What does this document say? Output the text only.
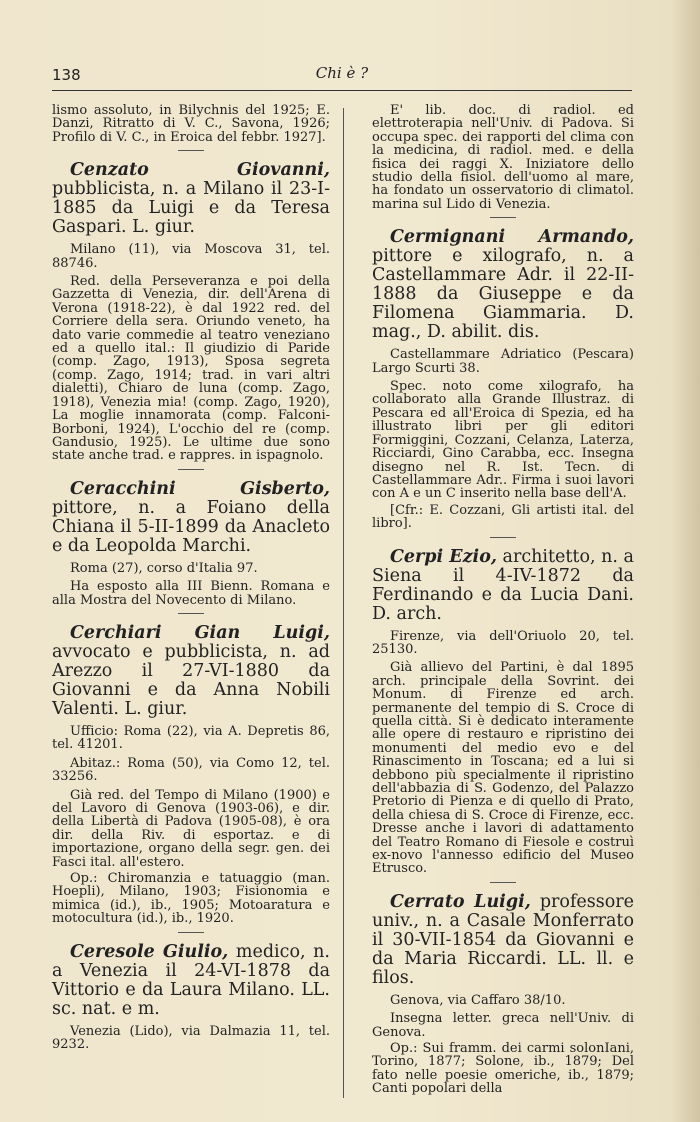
138	Chi è ?

lismo assoluto, in Bilychnis del 1925; E. Danzi, Ritratto di V. C., Savona, 1926; Profilo di V. C., in Eroica del febbr. 1927].

Cenzato Giovanni, pubblicista, n. a Milano il 23-I-1885 da Luigi e da Teresa Gaspari. L. giur.

Milano (11), via Moscova 31, tel. 88746.

Red. della Perseveranza e poi della Gazzetta di Venezia, dir. dell'Arena di Verona (1918-22), è dal 1922 red. del Corriere della sera. Oriundo veneto, ha dato varie commedie al teatro veneziano ed a quello ital.: Il giudizio di Paride (comp. Zago, 1913), Sposa segreta (comp. Zago, 1914; trad. in vari altri dialetti), Chiaro de luna (comp. Zago, 1918), Venezia mia! (comp. Zago, 1920), La moglie innamorata (comp. Falconi-Borboni, 1924), L'occhio del re (comp. Gandusio, 1925). Le ultime due sono state anche trad. e rappres. in ispagnolo.

Ceracchini Gisberto, pittore, n. a Foiano della Chiana il 5-II-1899 da Anacleto e da Leopolda Marchi.

Roma (27), corso d'Italia 97.

Ha esposto alla III Bienn. Romana e alla Mostra del Novecento di Milano.

Cerchiari Gian Luigi, avvocato e pubblicista, n. ad Arezzo il 27-VI-1880 da Giovanni e da Anna Nobili Valenti. L. giur.

Ufficio: Roma (22), via A. Depretis 86, tel. 41201.

Abitaz.: Roma (50), via Como 12, tel. 33256.

Già red. del Tempo di Milano (1900) e del Lavoro di Genova (1903-06), e dir. della Libertà di Padova (1905-08), è ora dir. della Riv. di esportaz. e di importazione, organo della segr. gen. dei Fasci ital. all'estero.

Op.: Chiromanzia e tatuaggio (man. Hoepli), Milano, 1903; Fisionomia e mimica (id.), ib., 1905; Motoaratura e motocultura (id.), ib., 1920.

Ceresole Giulio, medico, n. a Venezia il 24-VI-1878 da Vittorio e da Laura Milano. LL. sc. nat. e m.

Venezia (Lido), via Dalmazia 11, tel. 9232.

E' lib. doc. di radiol. ed elettroterapia nell'Univ. di Padova. Si occupa spec. dei rapporti del clima con la medicina, di radiol. med. e della fisica dei raggi X. Iniziatore dello studio della fisiol. dell'uomo al mare, ha fondato un osservatorio di climatol. marina sul Lido di Venezia.

Cermignani Armando, pittore e xilografo, n. a Castellammare Adr. il 22-II-1888 da Giuseppe e da Filomena Giammaria. D. mag., D. abilit. dis.

Castellammare Adriatico (Pescara) Largo Scurti 38.

Spec. noto come xilografo, ha collaborato alla Grande Illustraz. di Pescara ed all'Eroica di Spezia, ed ha illustrato libri per gli editori Formiggini, Cozzani, Celanza, Laterza, Ricciardi, Gino Carabba, ecc. Insegna disegno nel R. Ist. Tecn. di Castellammare Adr.. Firma i suoi lavori con A e un C inserito nella base dell'A.

[Cfr.: E. Cozzani, Gli artisti ital. del libro].

Cerpi Ezio, architetto, n. a Siena il 4-IV-1872 da Ferdinando e da Lucia Dani. D. arch.

Firenze, via dell'Oriuolo 20, tel. 25130.

Già allievo del Partini, è dal 1895 arch. principale della Sovrint. dei Monum. di Firenze ed arch. permanente del tempio di S. Croce di quella città. Si è dedicato interamente alle opere di restauro e ripristino dei monumenti del medio evo e del Rinascimento in Toscana; ed a lui si debbono più specialmente il ripristino dell'abbazia di S. Godenzo, del Palazzo Pretorio di Pienza e di quello di Prato, della chiesa di S. Croce di Firenze, ecc. Dresse anche i lavori di adattamento del Teatro Romano di Fiesole e costruì ex-novo l'annesso edificio del Museo Etrusco.

Cerrato Luigi, professore univ., n. a Casale Monferrato il 30-VII-1854 da Giovanni e da Maria Riccardi. LL. ll. e filos.

Genova, via Caffaro 38/10.

Insegna letter. greca nell'Univ. di Genova.

Op.: Sui framm. dei carmi solonIani, Torino, 1877; Solone, ib., 1879; Del fato nelle poesie omeriche, ib., 1879; Canti popolari della
